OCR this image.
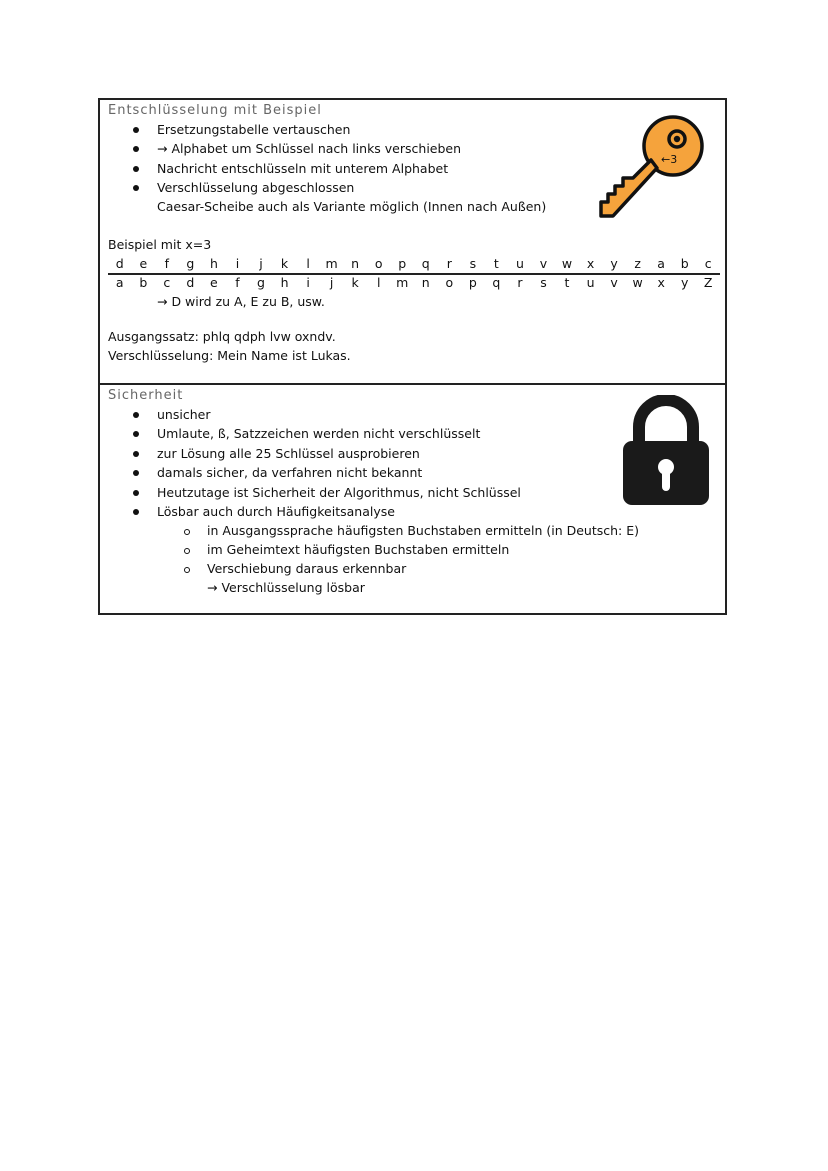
Entschlüsselung mit Beispiel
Ersetzungstabelle vertauschen
→ Alphabet um Schlüssel nach links verschieben
Nachricht entschlüsseln mit unterem Alphabet
Verschlüsselung abgeschlossen
Caesar-Scheibe auch als Variante möglich (Innen nach Außen)
←3
Beispiel mit x=3
d	e	f	g	h	i	j	k	l	m	n	o	p	q	r	s	t	u	v	w	x	y	z	a	b	c
a	b	c	d	e	f	g	h	i	j	k	l	m	n	o	p	q	r	s	t	u	v	w	x	y	Z
→ D wird zu A, E zu B, usw.
Ausgangssatz: phlq qdph lvw oxndv.
Verschlüsselung: Mein Name ist Lukas.
Sicherheit
unsicher
Umlaute, ß, Satzzeichen werden nicht verschlüsselt
zur Lösung alle 25 Schlüssel ausprobieren
damals sicher, da verfahren nicht bekannt
Heutzutage ist Sicherheit der Algorithmus, nicht Schlüssel
Lösbar auch durch Häufigkeitsanalyse
in Ausgangssprache häufigsten Buchstaben ermitteln (in Deutsch: E)
im Geheimtext häufigsten Buchstaben ermitteln
Verschiebung daraus erkennbar
→ Verschlüsselung lösbar
